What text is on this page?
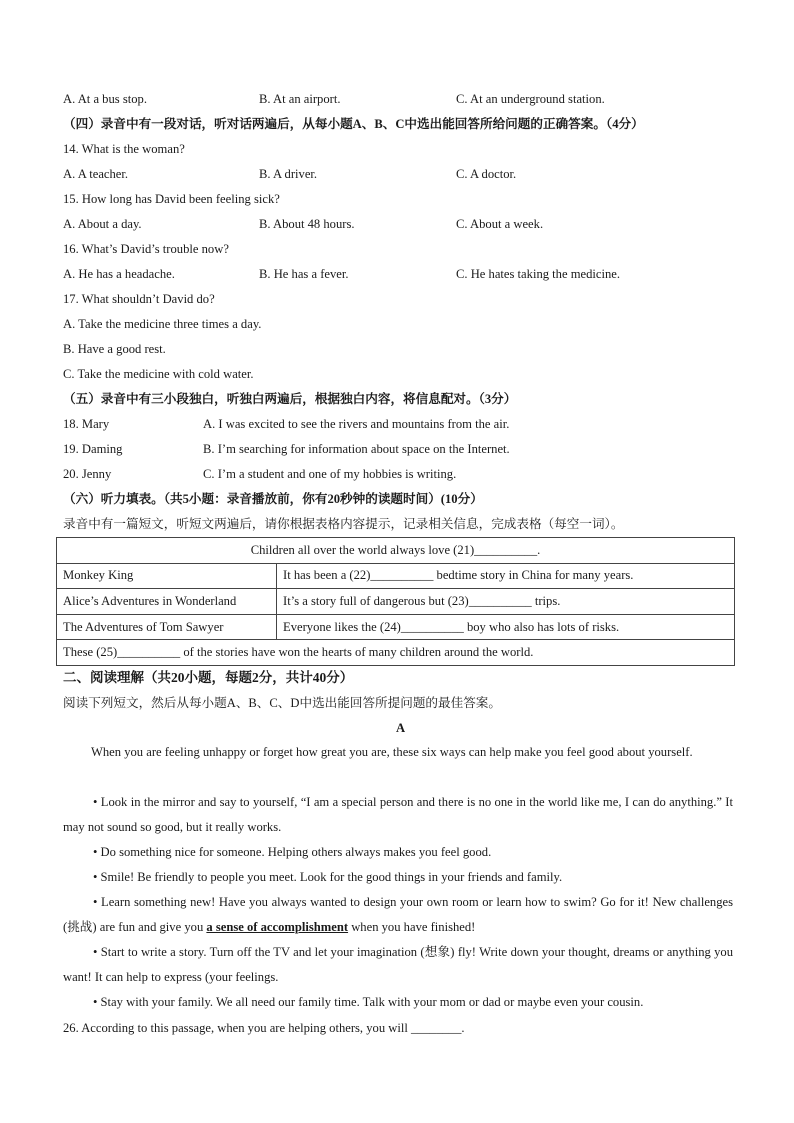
A. At a bus stop.	B. At an airport.	C. At an underground station.
（四）录音中有一段对话，听对话两遍后，从每小题A、B、C中选出能回答所给问题的正确答案。（4分）
14. What is the woman?
A. A teacher.	B. A driver.	C. A doctor.
15. How long has David been feeling sick?
A. About a day.	B. About 48 hours.	C. About a week.
16. What’s David’s trouble now?
A. He has a headache.	B. He has a fever.	C. He hates taking the medicine.
17. What shouldn’t David do?
A. Take the medicine three times a day.
B. Have a good rest.
C. Take the medicine with cold water.
（五）录音中有三小段独白，听独白两遍后，根据独白内容，将信息配对。（3分）
18. Mary	A. I was excited to see the rivers and mountains from the air.
19. Daming	B. I’m searching for information about space on the Internet.
20. Jenny	C. I’m a student and one of my hobbies is writing.
（六）听力填表。（共5小题：录音播放前，你有20秒钟的读题时间）(10分）
录音中有一篇短文，听短文两遍后，请你根据表格内容提示，记录相关信息，完成表格（每空一词）。
Children all over the world always love (21)__________.	
Monkey King	It has been a (22)__________ bedtime story in China for many years.
Alice’s Adventures in Wonderland	It’s a story full of dangerous but (23)__________ trips.
The Adventures of Tom Sawyer	Everyone likes the (24)__________ boy who also has lots of risks.
These (25)__________ of the stories have won the hearts of many children around the world.	
二、阅读理解（共20小题，每题2分，共计40分）
阅读下列短文，然后从每小题A、B、C、D中选出能回答所提问题的最佳答案。
A
When you are feeling unhappy or forget how great you are, these six ways can help make you feel good about yourself.
• Look in the mirror and say to yourself, “I am a special person and there is no one in the world like me, I can do anything.” It may not sound so good, but it really works.
• Do something nice for someone. Helping others always makes you feel good.
• Smile! Be friendly to people you meet. Look for the good things in your friends and family.
• Learn something new! Have you always wanted to design your own room or learn how to swim? Go for it! New challenges (挑战) are fun and give you a sense of accomplishment when you have finished!
• Start to write a story. Turn off the TV and let your imagination (想象) fly! Write down your thought, dreams or anything you want! It can help to express (your feelings.
• Stay with your family. We all need our family time. Talk with your mom or dad or maybe even your cousin.
26. According to this passage, when you are helping others, you will ________.
